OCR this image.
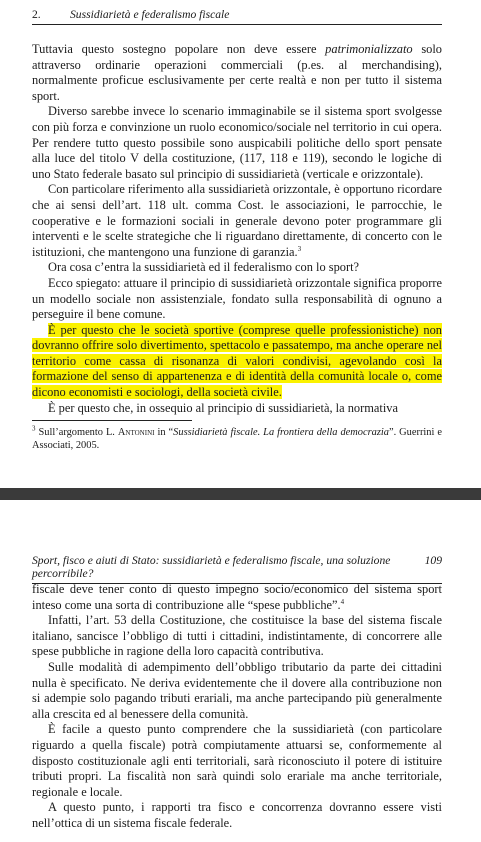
2.	Sussidiarietà e federalismo fiscale

Tuttavia questo sostegno popolare non deve essere patrimonializzato solo attraverso ordinarie operazioni commerciali (p.es. al merchandising), normalmente proficue esclusivamente per certe realtà e non per tutto il sistema sport.

Diverso sarebbe invece lo scenario immaginabile se il sistema sport svolgesse con più forza e convinzione un ruolo economico/sociale nel territorio in cui opera. Per rendere tutto questo possibile sono auspicabili politiche dello sport pensate alla luce del titolo V della costituzione, (117, 118 e 119), secondo le logiche di uno Stato federale basato sul principio di sussidiarietà (verticale e orizzontale).

Con particolare riferimento alla sussidiarietà orizzontale, è opportuno ricordare che ai sensi dell’art. 118 ult. comma Cost. le associazioni, le parrocchie, le cooperative e le formazioni sociali in generale devono poter programmare gli interventi e le scelte strategiche che li riguardano direttamente, di concerto con le istituzioni, che mantengono una funzione di garanzia.$^3$

Ora cosa c’entra la sussidiarietà ed il federalismo con lo sport?

Ecco spiegato: attuare il principio di sussidiarietà orizzontale significa proporre un modello sociale non assistenziale, fondato sulla responsabilità di ognuno a perseguire il bene comune.

È per questo che le società sportive (comprese quelle professionistiche) non dovranno offrire solo divertimento, spettacolo e passatempo, ma anche operare nel territorio come cassa di risonanza di valori condivisi, agevolando così la formazione del senso di appartenenza e di identità della comunità locale o, come dicono economisti e sociologi, della società civile.

È per questo che, in ossequio al principio di sussidiarietà, la normativa

$^3$ Sull’argomento L. Antonini in “Sussidiarietà fiscale. La frontiera della democrazia”. Guerrini e Associati, 2005.
Sport, fisco e aiuti di Stato: sussidiarietà e federalismo fiscale, una soluzione percorribile?
109

fiscale deve tener conto di questo impegno socio/economico del sistema sport inteso come una sorta di contribuzione alle “spese pubbliche”.$^4$

Infatti, l’art. 53 della Costituzione, che costituisce la base del sistema fiscale italiano, sancisce l’obbligo di tutti i cittadini, indistintamente, di concorrere alle spese pubbliche in ragione della loro capacità contributiva.

Sulle modalità di adempimento dell’obbligo tributario da parte dei cittadini nulla è specificato. Ne deriva evidentemente che il dovere alla contribuzione non si adempie solo pagando tributi erariali, ma anche partecipando più generalmente alla crescita ed al benessere della comunità.

È facile a questo punto comprendere che la sussidiarietà (con particolare riguardo a quella fiscale) potrà compiutamente attuarsi se, conformemente al disposto costituzionale agli enti territoriali, sarà riconosciuto il potere di istituire tributi propri. La fiscalità non sarà quindi solo erariale ma anche territoriale, regionale e locale.

A questo punto, i rapporti tra fisco e concorrenza dovranno essere visti nell’ottica di un sistema fiscale federale.
